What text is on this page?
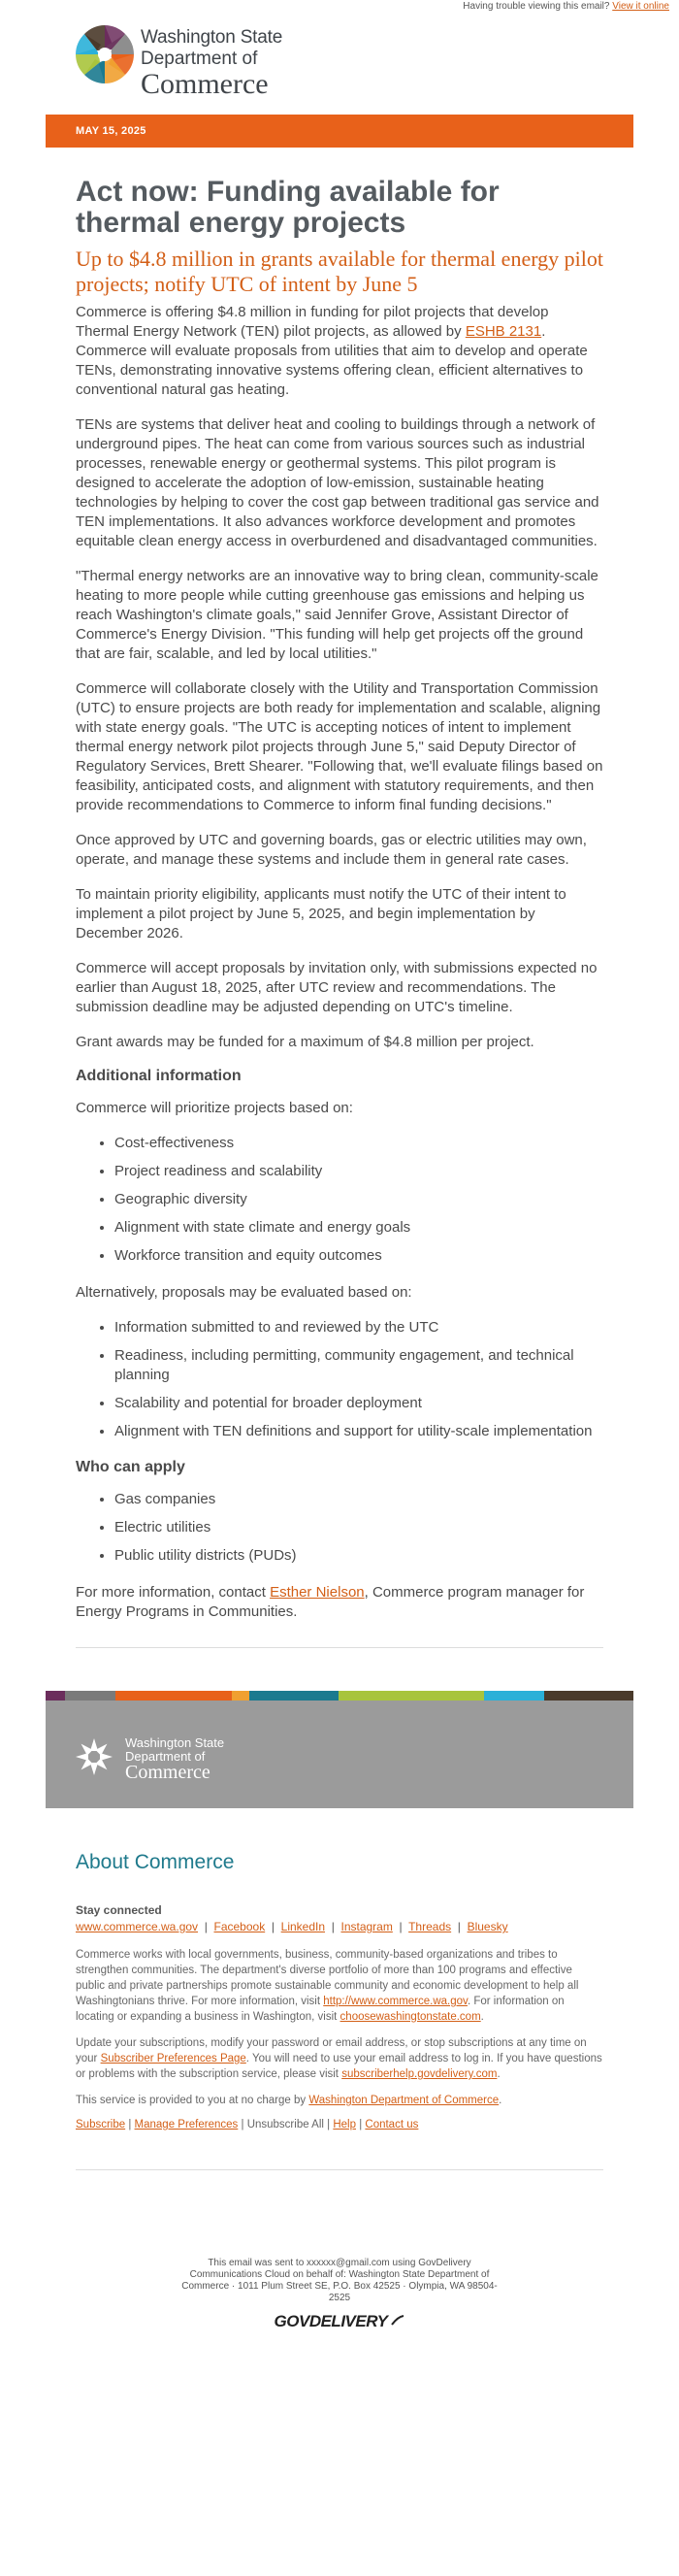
Having trouble viewing this email? View it online
Washington State
Department of
Commerce
MAY 15, 2025
Act now: Funding available for thermal energy projects
Up to $4.8 million in grants available for thermal energy pilot projects; notify UTC of intent by June 5

Commerce is offering $4.8 million in funding for pilot projects that develop Thermal Energy Network (TEN) pilot projects, as allowed by ESHB 2131. Commerce will evaluate proposals from utilities that aim to develop and operate TENs, demonstrating innovative systems offering clean, efficient alternatives to conventional natural gas heating.

TENs are systems that deliver heat and cooling to buildings through a network of underground pipes. The heat can come from various sources such as industrial processes, renewable energy or geothermal systems. This pilot program is designed to accelerate the adoption of low-emission, sustainable heating technologies by helping to cover the cost gap between traditional gas service and TEN implementations. It also advances workforce development and promotes equitable clean energy access in overburdened and disadvantaged communities.

"Thermal energy networks are an innovative way to bring clean, community-scale heating to more people while cutting greenhouse gas emissions and helping us reach Washington's climate goals," said Jennifer Grove, Assistant Director of Commerce's Energy Division. "This funding will help get projects off the ground that are fair, scalable, and led by local utilities."

Commerce will collaborate closely with the Utility and Transportation Commission (UTC) to ensure projects are both ready for implementation and scalable, aligning with state energy goals. "The UTC is accepting notices of intent to implement thermal energy network pilot projects through June 5," said Deputy Director of Regulatory Services, Brett Shearer. "Following that, we'll evaluate filings based on feasibility, anticipated costs, and alignment with statutory requirements, and then provide recommendations to Commerce to inform final funding decisions."

Once approved by UTC and governing boards, gas or electric utilities may own, operate, and manage these systems and include them in general rate cases.

To maintain priority eligibility, applicants must notify the UTC of their intent to implement a pilot project by June 5, 2025, and begin implementation by December 2026.

Commerce will accept proposals by invitation only, with submissions expected no earlier than August 18, 2025, after UTC review and recommendations. The submission deadline may be adjusted depending on UTC's timeline.

Grant awards may be funded for a maximum of $4.8 million per project.

Additional information

Commerce will prioritize projects based on:

• Cost-effectiveness
• Project readiness and scalability
• Geographic diversity
• Alignment with state climate and energy goals
• Workforce transition and equity outcomes

Alternatively, proposals may be evaluated based on:

• Information submitted to and reviewed by the UTC
• Readiness, including permitting, community engagement, and technical planning
• Scalability and potential for broader deployment
• Alignment with TEN definitions and support for utility-scale implementation
Who can apply
• Gas companies
• Electric utilities
• Public utility districts (PUDs)

For more information, contact Esther Nielson, Commerce program manager for Energy Programs in Communities.

Washington State
Department of
Commerce
About Commerce
Stay connected
www.commerce.wa.gov  |  Facebook  |  LinkedIn  |  Instagram  |  Threads  |  Bluesky

Commerce works with local governments, business, community-based organizations and tribes to strengthen communities. The department's diverse portfolio of more than 100 programs and effective public and private partnerships promote sustainable community and economic development to help all Washingtonians thrive. For more information, visit http://www.commerce.wa.gov. For information on locating or expanding a business in Washington, visit choosewashingtonstate.com.

Update your subscriptions, modify your password or email address, or stop subscriptions at any time on your Subscriber Preferences Page. You will need to use your email address to log in. If you have questions or problems with the subscription service, please visit subscriberhelp.govdelivery.com.

This service is provided to you at no charge by Washington Department of Commerce.

Subscribe | Manage Preferences | Unsubscribe All | Help | Contact us
This email was sent to xxxxxx@gmail.com using GovDelivery Communications Cloud on behalf of: Washington State Department of Commerce · 1011 Plum Street SE, P.O. Box 42525 · Olympia, WA 98504-2525
GOVDELIVERY
